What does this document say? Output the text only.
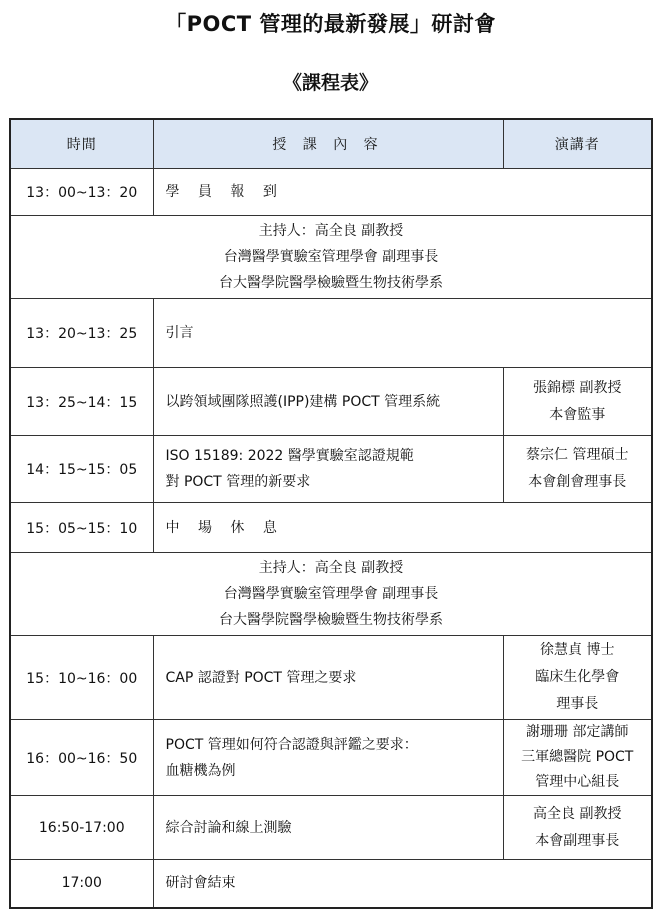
「POCT 管理的最新發展」研討會
《課程表》
時間	授 課 內 容	演講者
13：00~13：20	學 員 報 到	

主持人：高全良 副教授
台灣醫學實驗室管理學會 副理事長
台大醫學院醫學檢驗暨生物技術學系		

13：20~13：25	引言	
13：25~14：15	以跨領域團隊照護(IPP)建構 POCT 管理系統	張錦標 副教授
本會監事

14：15~15：05	ISO 15189: 2022 醫學實驗室認證規範
對 POCT 管理的新要求	蔡宗仁 管理碩士
本會創會理事長

15：05~15：10	中 場 休 息	

主持人：高全良 副教授
台灣醫學實驗室管理學會 副理事長
台大醫學院醫學檢驗暨生物技術學系		

15：10~16：00	CAP 認證對 POCT 管理之要求	徐慧貞 博士
臨床生化學會
理事長

16：00~16：50	POCT 管理如何符合認證與評鑑之要求：
血糖機為例	謝珊珊 部定講師
三軍總醫院 POCT
管理中心組長

16:50-17:00	綜合討論和線上測驗	高全良 副教授
本會副理事長

17:00	研討會結束	
